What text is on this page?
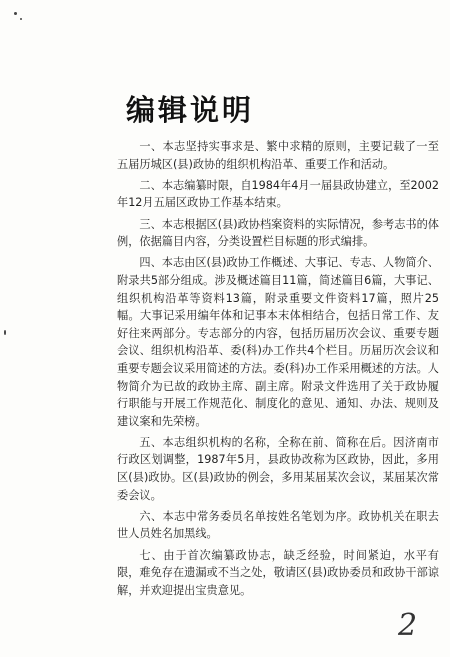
编辑说明

一、本志坚持实事求是、繁中求精的原则，主要记载了一至五届历城区(县)政协的组织机构沿革、重要工作和活动。

二、本志编纂时限，自1984年4月一届县政协建立，至2002年12月五届区政协工作基本结束。

三、本志根据区(县)政协档案资料的实际情况，参考志书的体例，依据篇目内容，分类设置栏目标题的形式编排。

四、本志由区(县)政协工作概述、大事记、专志、人物简介、附录共5部分组成。涉及概述篇目11篇，简述篇目6篇，大事记、组织机构沿革等资料13篇，附录重要文件资料17篇，照片25幅。大事记采用编年体和记事本末体相结合，包括日常工作、友好往来两部分。专志部分的内容，包括历届历次会议、重要专题会议、组织机构沿革、委(科)办工作共4个栏目。历届历次会议和重要专题会议采用简述的方法。委(科)办工作采用概述的方法。人物简介为已故的政协主席、副主席。附录文件选用了关于政协履行职能与开展工作规范化、制度化的意见、通知、办法、规则及建议案和先荣榜。

五、本志组织机构的名称，全称在前、简称在后。因济南市行政区划调整，1987年5月，县政协改称为区政协，因此，多用区(县)政协。区(县)政协的例会，多用某届某次会议，某届某次常委会议。

六、本志中常务委员名单按姓名笔划为序。政协机关在职去世人员姓名加黑线。

七、由于首次编纂政协志，缺乏经验，时间紧迫，水平有限，难免存在遗漏或不当之处，敬请区(县)政协委员和政协干部谅解，并欢迎提出宝贵意见。

2
